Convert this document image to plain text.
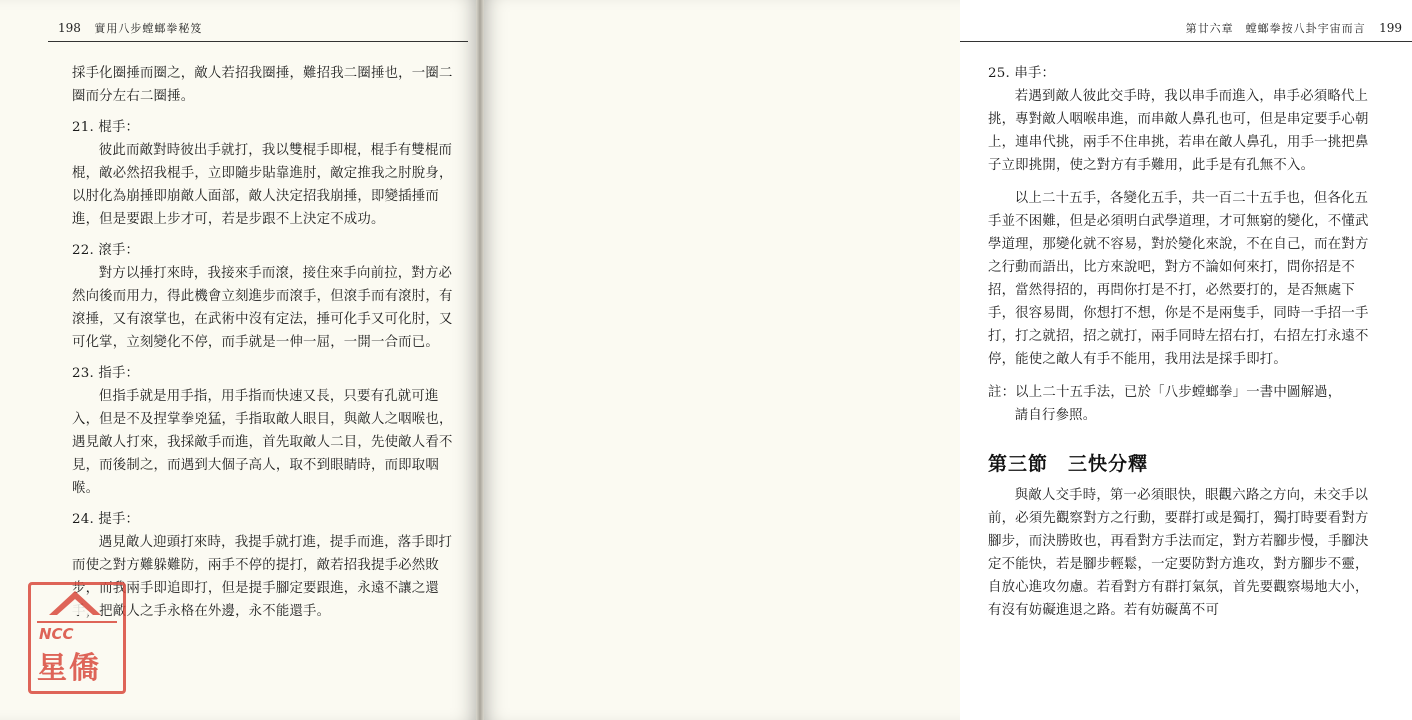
198 實用八步螳螂拳秘笈

採手化圈捶而圈之，敵人若招我圈捶，難招我二圈捶也，一圈二圈而分左右二圈捶。

21. 棍手：

彼此而敵對時彼出手就打，我以雙棍手即棍，棍手有雙棍而棍，敵必然招我棍手，立即隨步貼靠進肘，敵定推我之肘脫身，以肘化為崩捶即崩敵人面部，敵人決定招我崩捶，即變插捶而進，但是要跟上步才可，若是步跟不上決定不成功。

22. 滾手：

對方以捶打來時，我接來手而滾，接住來手向前拉，對方必然向後而用力，得此機會立刻進步而滾手，但滾手而有滾肘，有滾捶，又有滾掌也，在武術中沒有定法，捶可化手又可化肘，又可化掌，立刻變化不停，而手就是一伸一屈，一開一合而已。

23. 指手：

但指手就是用手指，用手指而快速又長，只要有孔就可進入，但是不及捏掌拳兇猛，手指取敵人眼目，與敵人之咽喉也，遇見敵人打來，我採敵手而進，首先取敵人二目，先使敵人看不見，而後制之，而遇到大個子高人，取不到眼睛時，而即取咽喉。

24. 提手：

遇見敵人迎頭打來時，我提手就打進，提手而進，落手即打而使之對方難躲難防，兩手不停的提打，敵若招我提手必然敗步，而我兩手即追即打，但是提手腳定要跟進，永遠不讓之還手，把敵人之手永格在外邊，永不能還手。

NCC
星僑
第廿六章　螳螂拳按八卦宇宙而言 199

25. 串手：

若遇到敵人彼此交手時，我以串手而進入，串手必須略代上挑，專對敵人咽喉串進，而串敵人鼻孔也可，但是串定要手心朝上，連串代挑，兩手不住串挑，若串在敵人鼻孔，用手一挑把鼻子立即挑開，使之對方有手難用，此手是有孔無不入。

以上二十五手，各變化五手，共一百二十五手也，但各化五手並不困難，但是必須明白武學道理，才可無窮的變化，不懂武學道理，那變化就不容易，對於變化來說，不在自己，而在對方之行動而語出，比方來說吧，對方不論如何來打，問你招是不招，當然得招的，再問你打是不打，必然要打的，是否無處下手，很容易間，你想打不想，你是不是兩隻手，同時一手招一手打，打之就招，招之就打，兩手同時左招右打，右招左打永遠不停，能使之敵人有手不能用，我用法是採手即打。

註：以上二十五手法，已於「八步螳螂拳」一書中圖解過，

請自行參照。

第三節　三快分釋

與敵人交手時，第一必須眼快，眼觀六路之方向，未交手以前，必須先觀察對方之行動，要群打或是獨打，獨打時要看對方腳步，而決勝敗也，再看對方手法而定，對方若腳步慢，手腳決定不能快，若是腳步輕鬆，一定要防對方進攻，對方腳步不靈，自放心進攻勿慮。若看對方有群打氣氛，首先要觀察場地大小，有沒有妨礙進退之路。若有妨礙萬不可
